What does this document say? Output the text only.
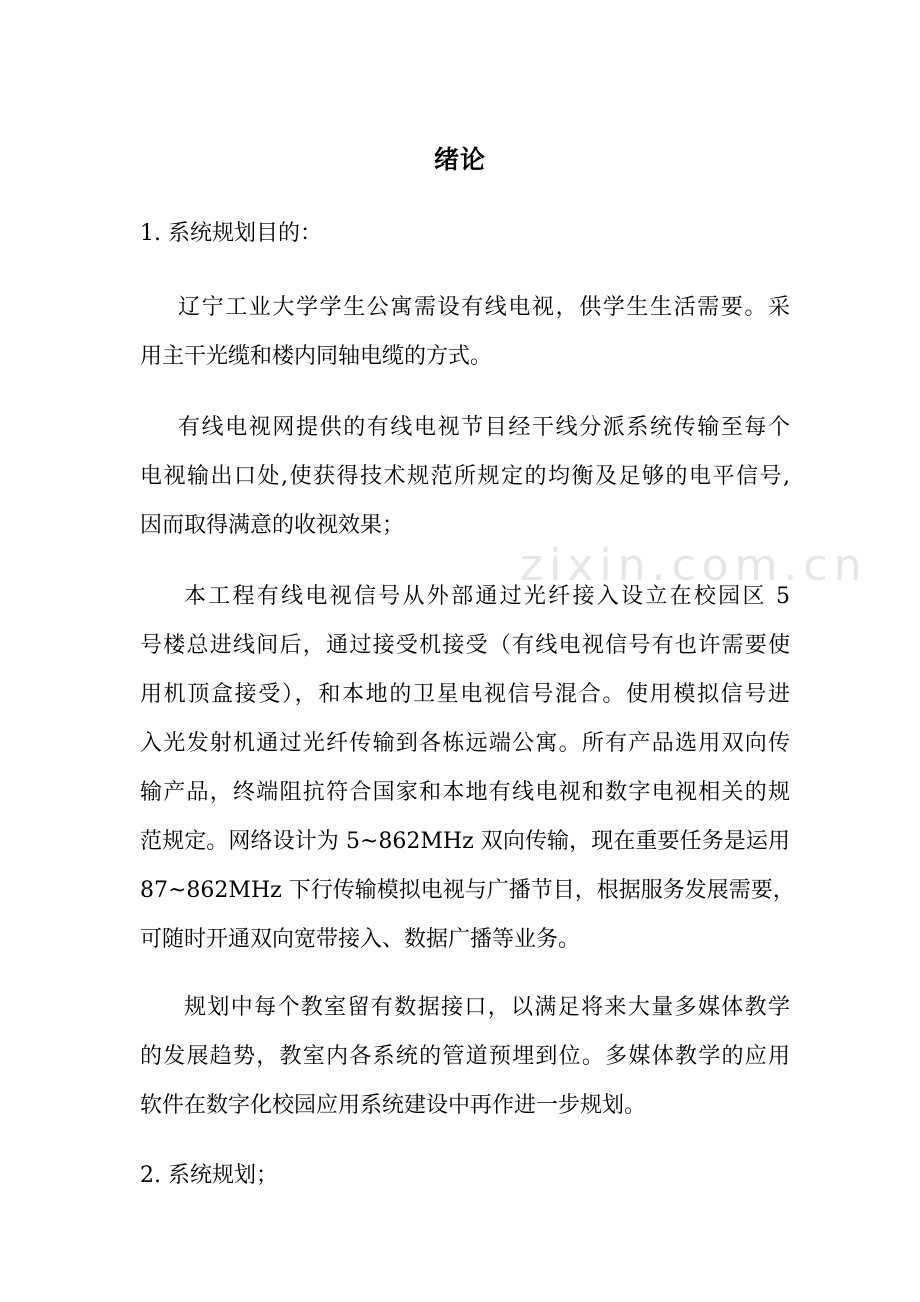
zixin.com.cn
绪论
1. 系统规划目的：
辽宁工业大学学生公寓需设有线电视，供学生生活需要。采
用主干光缆和楼内同轴电缆的方式。
有线电视网提供的有线电视节目经干线分派系统传输至每个
电视输出口处,使获得技术规范所规定的均衡及足够的电平信号,
因而取得满意的收视效果；
本工程有线电视信号从外部通过光纤接入设立在校园区 5
号楼总进线间后，通过接受机接受（有线电视信号有也许需要使
用机顶盒接受），和本地的卫星电视信号混合。使用模拟信号进
入光发射机通过光纤传输到各栋远端公寓。所有产品选用双向传
输产品，终端阻抗符合国家和本地有线电视和数字电视相关的规
范规定。网络设计为 5~862MHz 双向传输，现在重要任务是运用
87~862MHz 下行传输模拟电视与广播节目，根据服务发展需要，
可随时开通双向宽带接入、数据广播等业务。
规划中每个教室留有数据接口，以满足将来大量多媒体教学
的发展趋势，教室内各系统的管道预埋到位。多媒体教学的应用
软件在数字化校园应用系统建设中再作进一步规划。
2. 系统规划；
